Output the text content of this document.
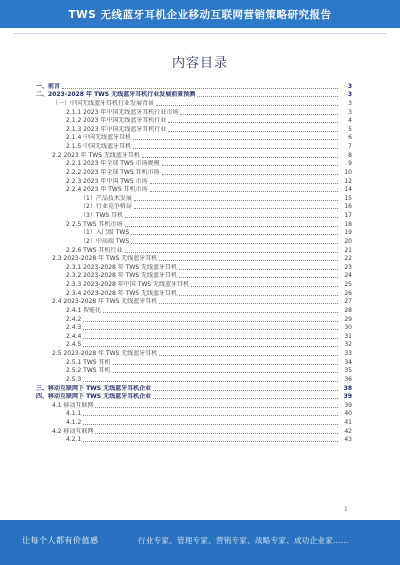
TWS 无线蓝牙耳机企业移动互联网营销策略研究报告
内容目录
一、前言	3
二、2023-2028 年 TWS 无线蓝牙耳机行业发展前景预测	3
（一）中国无线蓝牙耳机行业发展背景	3
2.1.1 2023 年中国无线蓝牙耳机行业市场	3
2.1.2 2023 年中国无线蓝牙耳机行业	4
2.1.3 2023 年中国无线蓝牙耳机行业	5
2.1.4 中国无线蓝牙耳机	6
2.1.5 中国无线蓝牙耳机	7
2.2 2023 年 TWS 无线蓝牙耳机	8
2.2.1 2023 年全球 TWS 市场规模	9
2.2.2 2023 年全球 TWS 耳机市场	10
2.2.3 2023 年中国 TWS 市场	12
2.2.4 2023 年 TWS 耳机市场	14
（1）产品技术发展	15
（2）行业竞争格局	16
（3）TWS 耳机	17
2.2.5 TWS 耳机市场	18
（1）入门级 TWS	19
（2）中高端 TWS	20
2.2.6 TWS 耳机行业	21
2.3 2023-2028 年 TWS 无线蓝牙耳机	22
2.3.1 2023-2028 年 TWS 无线蓝牙耳机	23
2.3.2 2023-2028 年 TWS 无线蓝牙耳机	24
2.3.3 2023-2028 年中国 TWS 无线蓝牙耳机	25
2.3.4 2023-2028 年 TWS 无线蓝牙耳机	26
2.4 2023-2028 年 TWS 无线蓝牙耳机	27
2.4.1 智能化	28
2.4.2	29
2.4.3	30
2.4.4	31
2.4.5	32
2.5 2023-2028 年 TWS 无线蓝牙耳机	33
2.5.1 TWS 耳机	34
2.5.2 TWS 耳机	35
2.5.3	36
三、移动互联网下 TWS 无线蓝牙耳机企业	38
四、移动互联网下 TWS 无线蓝牙耳机企业	39
4.1 移动互联网	39
4.1.1	40
4.1.2	41
4.2 移动互联网	42
4.2.1	43
1
让每个人都有价值感	行业专家、管理专家、营销专家、战略专家、成功企业家……
